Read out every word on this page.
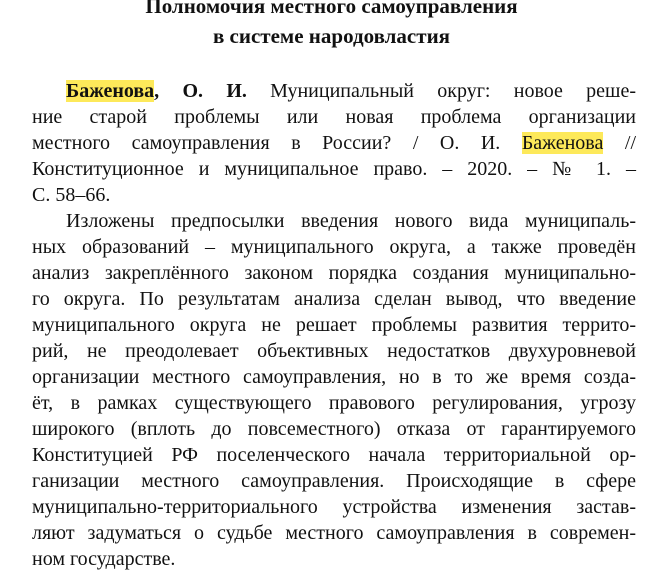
Полномочия местного самоуправления
в системе народовластия
Баженова, О. И. Муниципальный округ: новое реше-
ние старой проблемы или новая проблема организации
местного самоуправления в России? / О. И. Баженова //
Конституционное и муниципальное право. – 2020. – № 1. –
С. 58–66.
Изложены предпосылки введения нового вида муниципаль-
ных образований – муниципального округа, а также проведён
анализ закреплённого законом порядка создания муниципально-
го округа. По результатам анализа сделан вывод, что введение
муниципального округа не решает проблемы развития террито-
рий, не преодолевает объективных недостатков двухуровневой
организации местного самоуправления, но в то же время созда-
ёт, в рамках существующего правового регулирования, угрозу
широкого (вплоть до повсеместного) отказа от гарантируемого
Конституцией РФ поселенческого начала территориальной ор-
ганизации местного самоуправления. Происходящие в сфере
муниципально-территориального устройства изменения застав-
ляют задуматься о судьбе местного самоуправления в современ-
ном государстве.
